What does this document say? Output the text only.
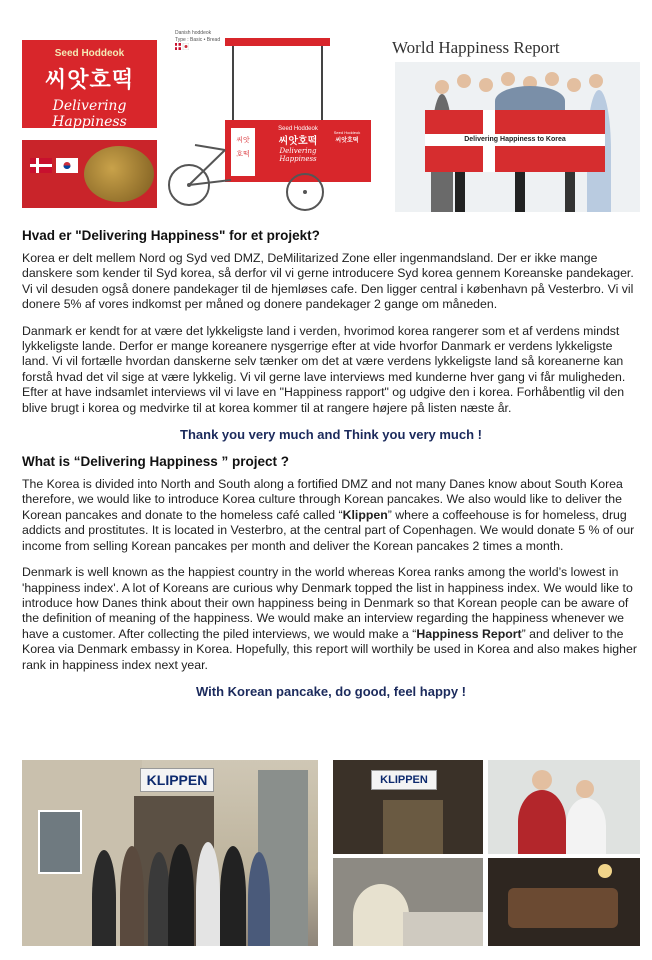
Seed Hoddeok
씨앗호떡
Delivering Happiness
Danish hoddeok
Type : Basic • Bread
씨앗
호떡
Seed Hoddeok
씨앗호떡
Delivering Happiness
Seed Hoddeok
씨앗호떡
World Happiness Report
Delivering Happiness to Korea
Hvad er "Delivering Happiness" for et projekt?

Korea er delt mellem Nord og Syd ved DMZ, DeMilitarized Zone eller ingenmandsland. Der er ikke mange danskere som kender til Syd korea, så derfor vil vi gerne introducere Syd korea gennem Koreanske pandekager. Vi vil desuden også donere pandekager til de hjemløses cafe. Den ligger central i københavn på Vesterbro. Vi vil donere 5% af vores indkomst per måned og donere pandekager 2 gange om måneden.

Danmark er kendt for at være det lykkeligste land i verden, hvorimod korea rangerer som et af verdens mindst lykkeligste lande. Derfor er mange koreanere nysgerrige efter at vide hvorfor Danmark er verdens lykkeligste land. Vi vil fortælle hvordan danskerne selv tænker om det at være verdens lykkeligste land så koreanerne kan forstå hvad det vil sige at være lykkelig. Vi vil gerne lave interviews med kunderne hver gang vi får muligheden. Efter at have indsamlet interviews vil vi lave en "Happiness rapport" og udgive den i korea. Forhåbentlig vil den blive brugt i korea og medvirke til at korea kommer til at rangere højere på listen næste år.

Thank you very much and Think you very much !
What is “Delivering Happiness ” project ?

The Korea is divided into North and South along a fortified DMZ and not many Danes know about South Korea therefore, we would like to introduce Korea culture through Korean pancakes. We also would like to deliver the Korean pancakes and donate to the homeless café called “Klippen” where a coffeehouse is for homeless, drug addicts and prostitutes. It is located in Vesterbro, at the central part of Copenhagen. We would donate 5 % of our income from selling Korean pancakes per month and deliver the Korean pancakes 2 times a month.

Denmark is well known as the happiest country in the world whereas Korea ranks among the world’s lowest in 'happiness index'. A lot of Koreans are curious why Denmark topped the list in happiness index. We would like to introduce how Danes think about their own happiness being in Denmark so that Korean people can be aware of the definition of meaning of the happiness. We would make an interview regarding the happiness whenever we have a customer. After collecting the piled interviews, we would make a “Happiness Report” and deliver to the Korea via Denmark embassy in Korea. Hopefully, this report will worthily be used in Korea and also makes higher rank in happiness index next year.

With Korean pancake, do good, feel happy !
KLIPPEN	KLIPPEN
